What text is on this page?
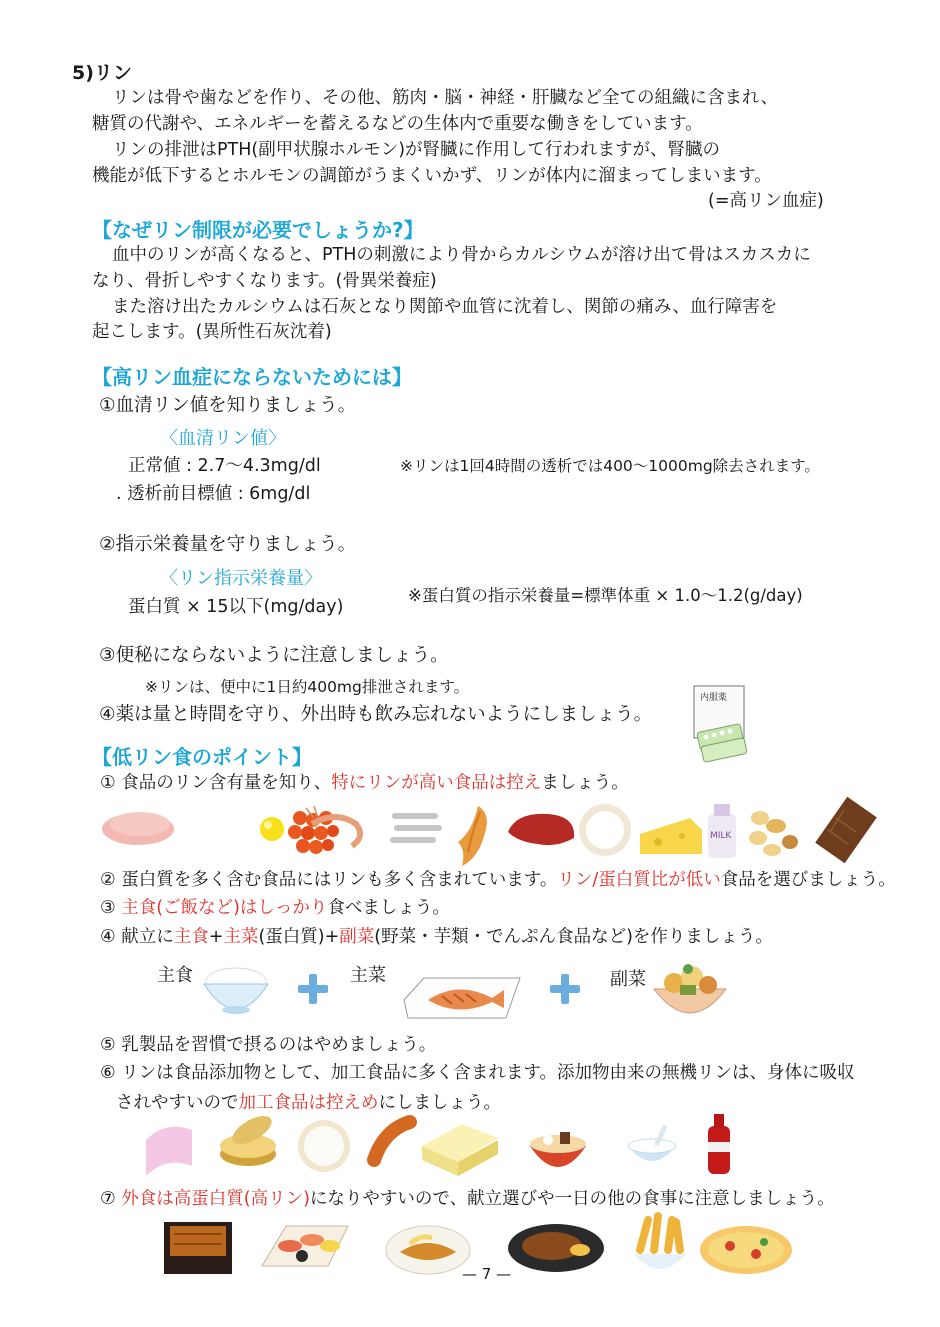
5)リン
リンは骨や歯などを作り、その他、筋肉・脳・神経・肝臓など全ての組織に含まれ、
糖質の代謝や、エネルギーを蓄えるなどの生体内で重要な働きをしています。
リンの排泄はPTH(副甲状腺ホルモン)が腎臓に作用して行われますが、腎臓の
機能が低下するとホルモンの調節がうまくいかず、リンが体内に溜まってしまいます。
(=高リン血症)
【なぜリン制限が必要でしょうか?】
血中のリンが高くなると、PTHの刺激により骨からカルシウムが溶け出て骨はスカスカに
なり、骨折しやすくなります。(骨異栄養症)
また溶け出たカルシウムは石灰となり関節や血管に沈着し、関節の痛み、血行障害を
起こします。(異所性石灰沈着)
【高リン血症にならないためには】
①血清リン値を知りましょう。
〈血清リン値〉
正常値 : 2.7〜4.3mg/dl
. 透析前目標値 : 6mg/dl
※リンは1回4時間の透析では400〜1000mg除去されます。
②指示栄養量を守りましょう。
〈リン指示栄養量〉
蛋白質 × 15以下(mg/day)
※蛋白質の指示栄養量=標準体重 × 1.0〜1.2(g/day)
③便秘にならないように注意しましょう。
※リンは、便中に1日約400mg排泄されます。
④薬は量と時間を守り、外出時も飲み忘れないようにしましょう。
内服薬
【低リン食のポイント】
① 食品のリン含有量を知り、特にリンが高い食品は控えましょう。
MILK
② 蛋白質を多く含む食品にはリンも多く含まれています。リン/蛋白質比が低い食品を選びましょう。
③ 主食(ご飯など)はしっかり食べましょう。
④ 献立に主食+主菜(蛋白質)+副菜(野菜・芋類・でんぷん食品など)を作りましょう。
主食	主菜	副菜
⑤ 乳製品を習慣で摂るのはやめましょう。
⑥ リンは食品添加物として、加工食品に多く含まれます。添加物由来の無機リンは、身体に吸収
されやすいので加工食品は控えめにしましょう。
⑦ 外食は高蛋白質(高リン)になりやすいので、献立選びや一日の他の食事に注意しましょう。
— 7 —
